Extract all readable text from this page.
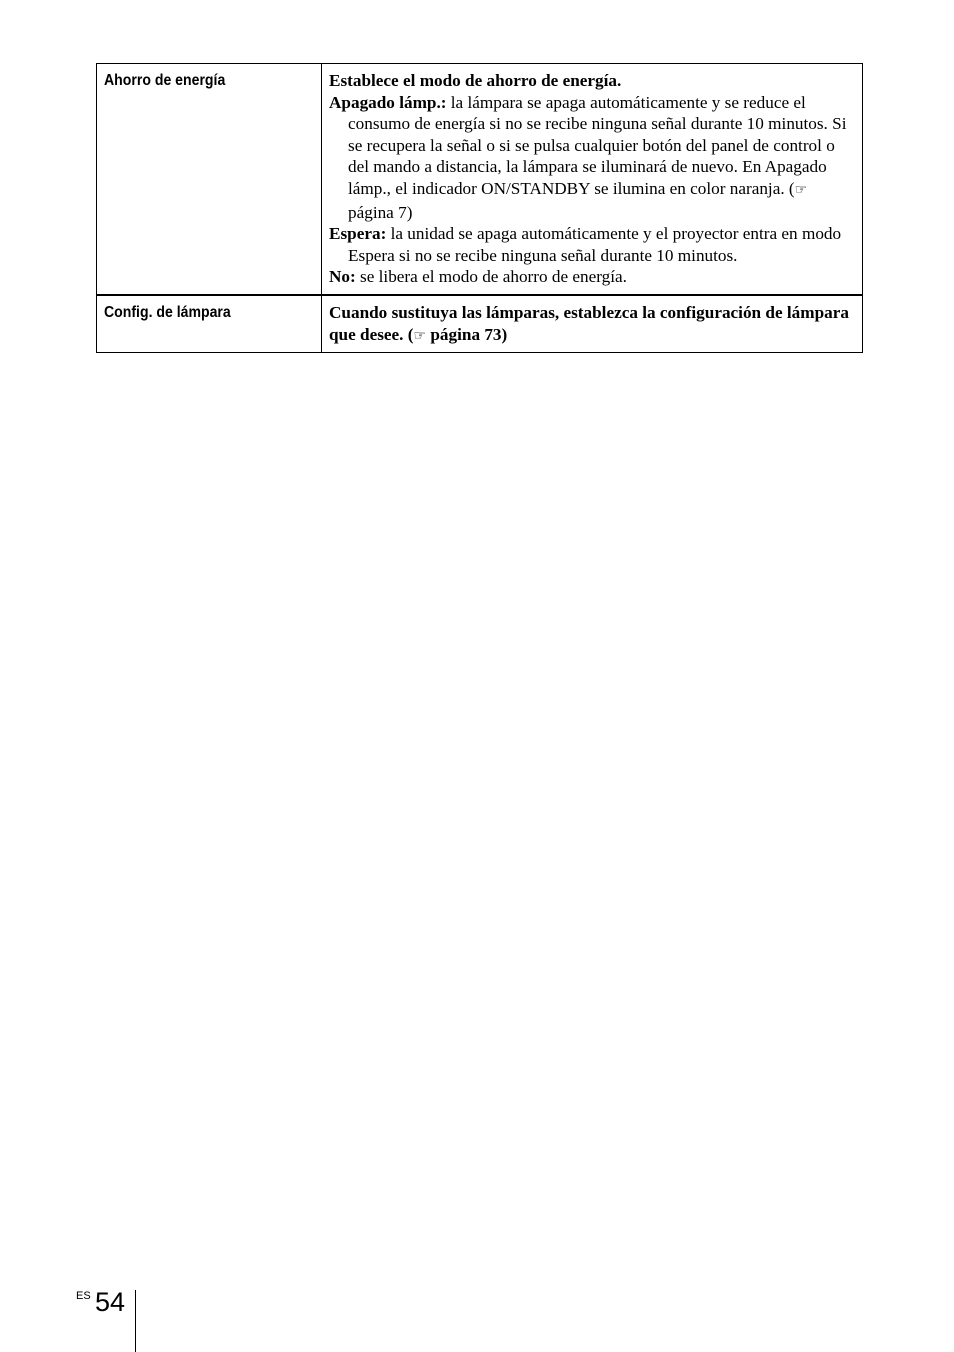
Ahorro de energía	Establece el modo de ahorro de energía.
Apagado lámp.: la lámpara se apaga automáticamente y se reduce el consumo de energía si no se recibe ninguna señal durante 10 minutos. Si se recupera la señal o si se pulsa cualquier botón del panel de control o del mando a distancia, la lámpara se iluminará de nuevo. En Apagado lámp., el indicador ON/STANDBY se ilumina en color naranja. (☞ página 7)
Espera: la unidad se apaga automáticamente y el proyector entra en modo Espera si no se recibe ninguna señal durante 10 minutos.
No: se libera el modo de ahorro de energía.

Config. de lámpara	Cuando sustituya las lámparas, establezca la configuración de lámpara que desee. (☞ página 73)
ES 54
